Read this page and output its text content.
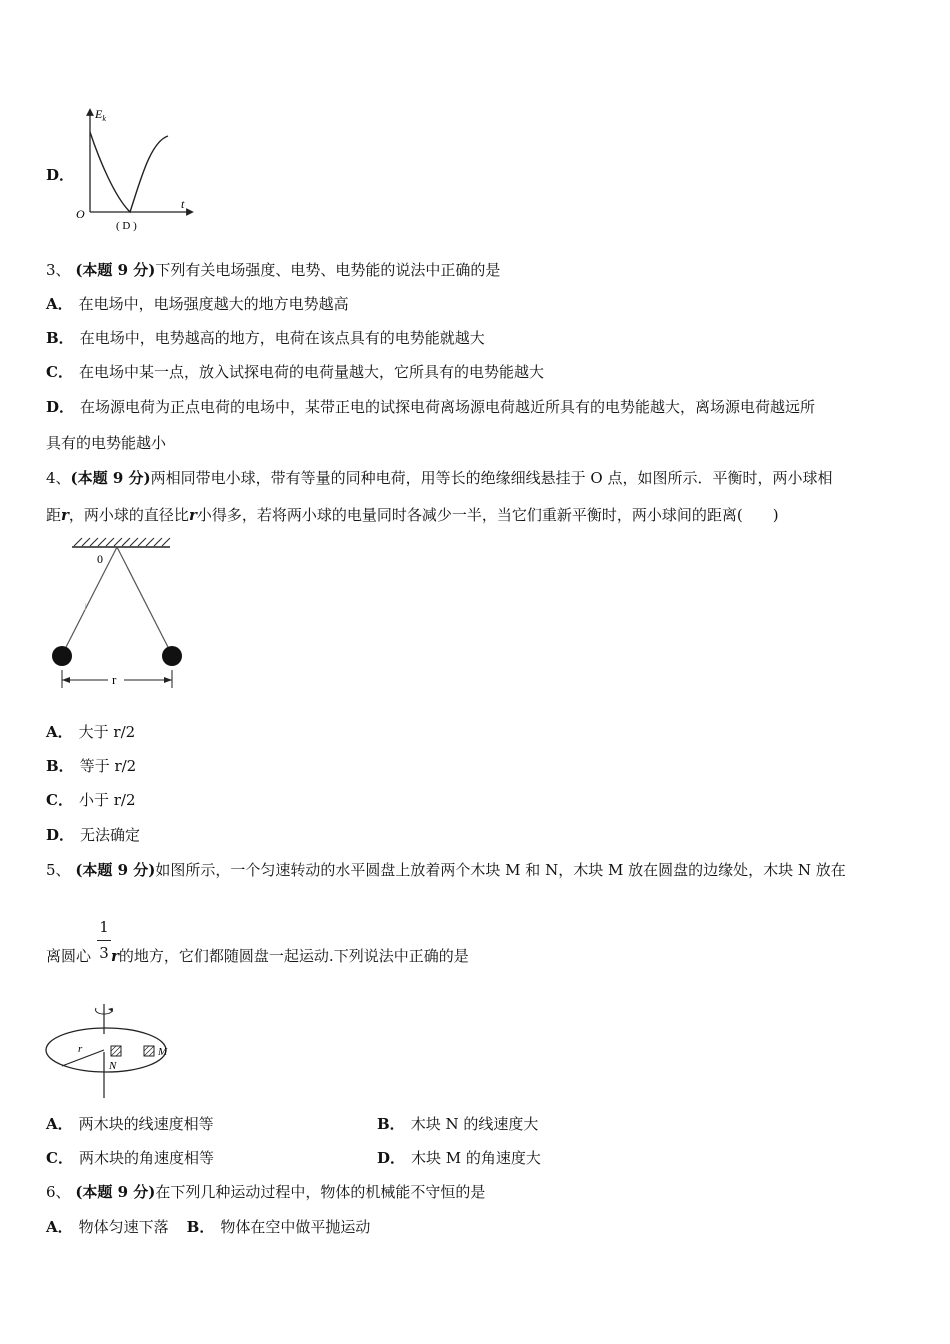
D．
$E_k$
t
O
( D )
3、 (本题 9 分)下列有关电场强度、电势、电势能的说法中正确的是
A． 在电场中，电场强度越大的地方电势越高
B． 在电场中，电势越高的地方，电荷在该点具有的电势能就越大
C． 在电场中某一点，放入试探电荷的电荷量越大，它所具有的电势能越大
D． 在场源电荷为正点电荷的电场中，某带正电的试探电荷离场源电荷越近所具有的电势能越大，离场源电荷越远所
具有的电势能越小
4、(本题 9 分)两相同带电小球，带有等量的同种电荷，用等长的绝缘细线悬挂于 O 点，如图所示．平衡时，两小球相
距r，两小球的直径比r小得多，若将两小球的电量同时各减少一半，当它们重新平衡时，两小球间的距离(　　)
0
l
r
A． 大于 r/2
B． 等于 r/2
C． 小于 r/2
D． 无法确定
5、 (本题 9 分)如图所示，一个匀速转动的水平圆盘上放着两个木块 M 和 N，木块 M 放在圆盘的边缘处，木块 N 放在
1
3
离圆心 r的地方，它们都随圆盘一起运动.下列说法中正确的是
r
N
M
A． 两木块的线速度相等	B． 木块 N 的线速度大
C． 两木块的角速度相等	D． 木块 M 的角速度大
6、 (本题 9 分)在下列几种运动过程中，物体的机械能不守恒的是
A． 物体匀速下落 B． 物体在空中做平抛运动
